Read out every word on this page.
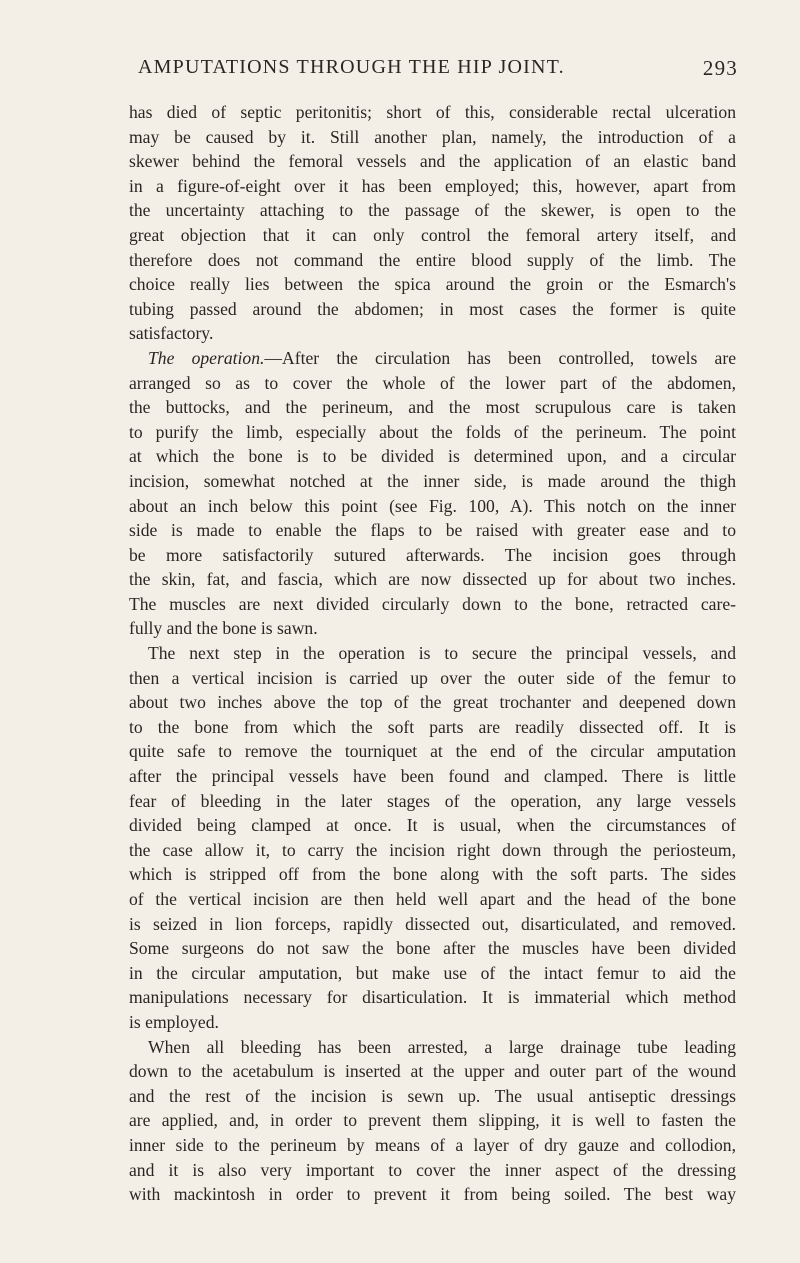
AMPUTATIONS THROUGH THE HIP JOINT.	293
has died of septic peritonitis; short of this, considerable rectal ulceration
may be caused by it. Still another plan, namely, the introduction of a
skewer behind the femoral vessels and the application of an elastic band
in a figure-of-eight over it has been employed; this, however, apart from
the uncertainty attaching to the passage of the skewer, is open to the
great objection that it can only control the femoral artery itself, and
therefore does not command the entire blood supply of the limb. The
choice really lies between the spica around the groin or the Esmarch's
tubing passed around the abdomen; in most cases the former is quite
satisfactory.
The operation.—After the circulation has been controlled, towels are
arranged so as to cover the whole of the lower part of the abdomen,
the buttocks, and the perineum, and the most scrupulous care is taken
to purify the limb, especially about the folds of the perineum. The point
at which the bone is to be divided is determined upon, and a circular
incision, somewhat notched at the inner side, is made around the thigh
about an inch below this point (see Fig. 100, A). This notch on the inner
side is made to enable the flaps to be raised with greater ease and to
be more satisfactorily sutured afterwards. The incision goes through
the skin, fat, and fascia, which are now dissected up for about two inches.
The muscles are next divided circularly down to the bone, retracted care-
fully and the bone is sawn.
The next step in the operation is to secure the principal vessels, and
then a vertical incision is carried up over the outer side of the femur to
about two inches above the top of the great trochanter and deepened down
to the bone from which the soft parts are readily dissected off. It is
quite safe to remove the tourniquet at the end of the circular amputation
after the principal vessels have been found and clamped. There is little
fear of bleeding in the later stages of the operation, any large vessels
divided being clamped at once. It is usual, when the circumstances of
the case allow it, to carry the incision right down through the periosteum,
which is stripped off from the bone along with the soft parts. The sides
of the vertical incision are then held well apart and the head of the bone
is seized in lion forceps, rapidly dissected out, disarticulated, and removed.
Some surgeons do not saw the bone after the muscles have been divided
in the circular amputation, but make use of the intact femur to aid the
manipulations necessary for disarticulation. It is immaterial which method
is employed.
When all bleeding has been arrested, a large drainage tube leading
down to the acetabulum is inserted at the upper and outer part of the wound
and the rest of the incision is sewn up. The usual antiseptic dressings
are applied, and, in order to prevent them slipping, it is well to fasten the
inner side to the perineum by means of a layer of dry gauze and collodion,
and it is also very important to cover the inner aspect of the dressing
with mackintosh in order to prevent it from being soiled. The best way
